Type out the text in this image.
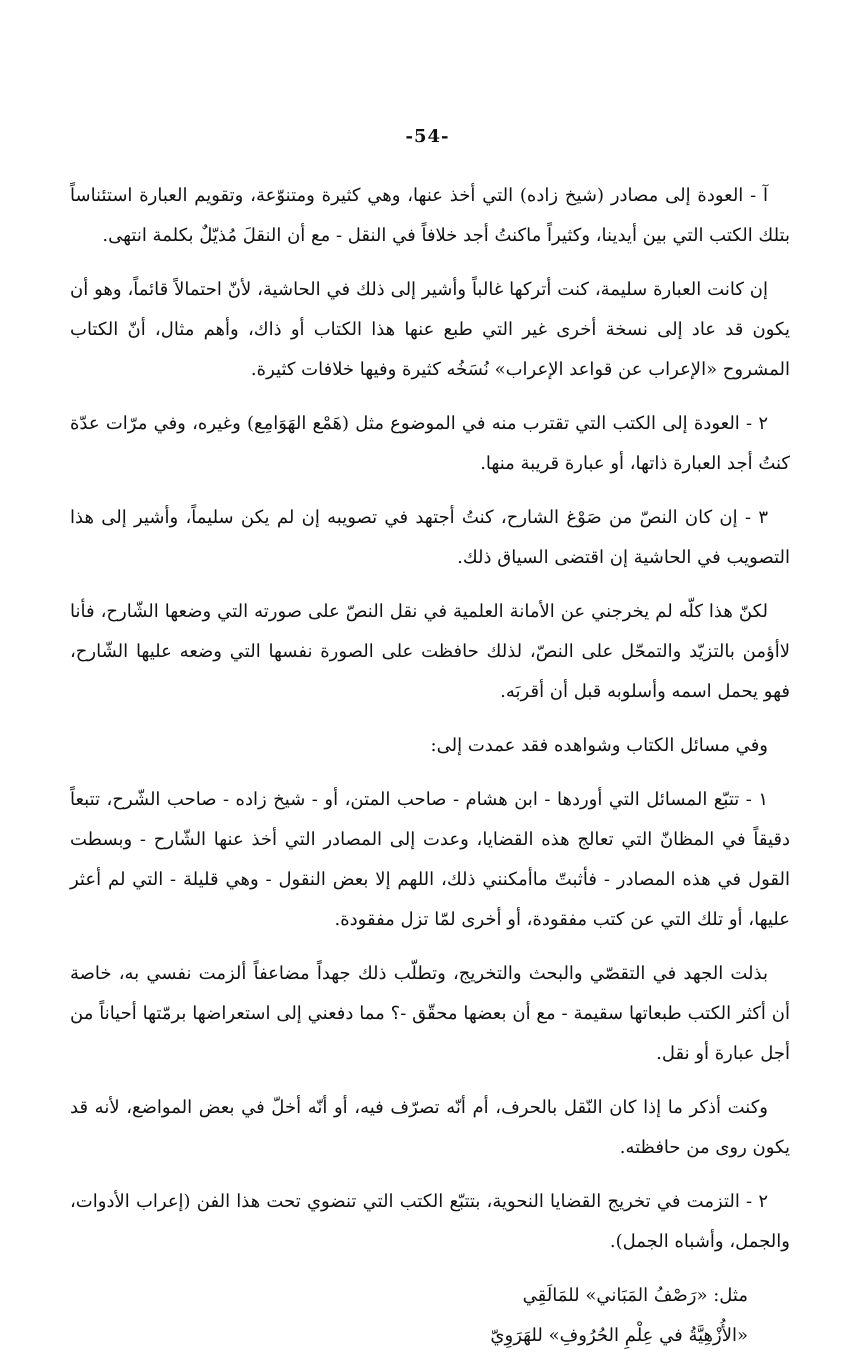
-54-

آ - العودة إلى مصادر (شيخ زاده) التي أخذ عنها، وهي كثيرة ومتنوّعة، وتقويم العبارة استئناساً بتلك الكتب التي بين أيدينا، وكثيراً ماكنتُ أجد خلافاً في النقل - مع أن النقلَ مُذيّلٌ بكلمة انتهى.

إن كانت العبارة سليمة، كنت أتركها غالباً وأشير إلى ذلك في الحاشية، لأنّ احتمالاً قائماً، وهو أن يكون قد عاد إلى نسخة أخرى غير التي طبع عنها هذا الكتاب أو ذاك، وأهم مثال، أنّ الكتاب المشروح «الإعراب عن قواعد الإعراب» نُسَخُه كثيرة وفيها خلافات كثيرة.

٢ - العودة إلى الكتب التي تقترب منه في الموضوع مثل (هَمْع الهَوَامِع) وغيره، وفي مرّات عدّة كنتُ أجد العبارة ذاتها، أو عبارة قريبة منها.

٣ - إن كان النصّ من صَوْغ الشارح، كنتُ أجتهد في تصويبه إن لم يكن سليماً، وأشير إلى هذا التصويب في الحاشية إن اقتضى السياق ذلك.

لكنّ هذا كلّه لم يخرجني عن الأمانة العلمية في نقل النصّ على صورته التي وضعها الشّارح، فأنا لاأؤمن بالتزيّد والتمحّل على النصّ، لذلك حافظت على الصورة نفسها التي وضعه عليها الشّارح، فهو يحمل اسمه وأسلوبه قبل أن أقربَه.

وفي مسائل الكتاب وشواهده فقد عمدت إلى:

١ - تتبّع المسائل التي أوردها - ابن هشام - صاحب المتن، أو - شيخ زاده - صاحب الشّرح، تتبعاً دقيقاً في المظانّ التي تعالج هذه القضايا، وعدت إلى المصادر التي أخذ عنها الشّارح - وبسطت القول في هذه المصادر - فأثبتّ ماأمكنني ذلك، اللهم إلا بعض النقول - وهي قليلة - التي لم أعثر عليها، أو تلك التي عن كتب مفقودة، أو أخرى لمّا تزل مفقودة.

بذلت الجهد في التقصّي والبحث والتخريج، وتطلّب ذلك جهداً مضاعفاً ألزمت نفسي به، خاصة أن أكثر الكتب طبعاتها سقيمة - مع أن بعضها محقّق -؟ مما دفعني إلى استعراضها برمّتها أحياناً من أجل عبارة أو نقل.

وكنت أذكر ما إذا كان النّقل بالحرف، أم أنّه تصرّف فيه، أو أنّه أخلّ في بعض المواضع، لأنه قد يكون روى من حافظته.

٢ - التزمت في تخريج القضايا النحوية، بتتبّع الكتب التي تنضوي تحت هذا الفن (إعراب الأدوات، والجمل، وأشباه الجمل).

مثل: «رَصْفُ المَبَاني» للمَالَقِي
«الأُزْهِيَّةُ في عِلْمِ الحُرُوفِ» للهَرَوِيّ
